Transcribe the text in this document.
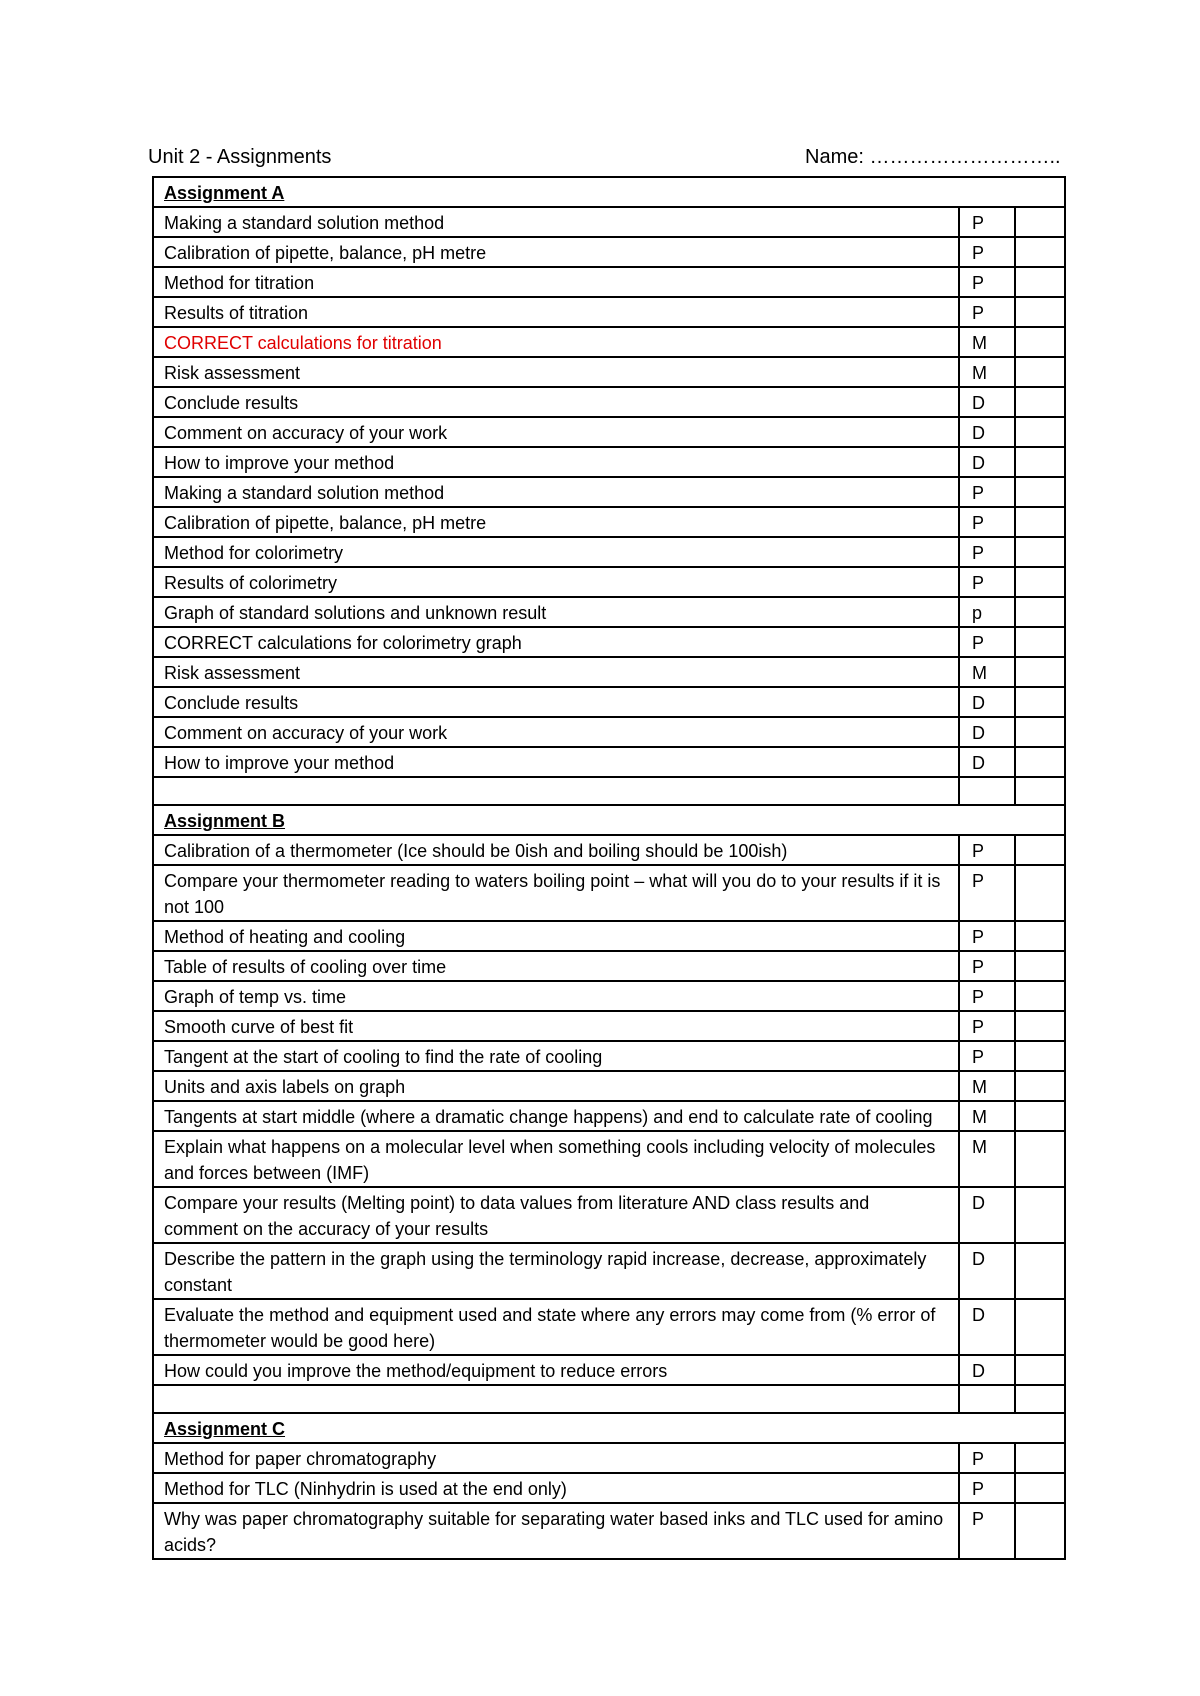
Unit 2 - Assignments	Name: ………………………..
Assignment A		
Making a standard solution method	P	
Calibration of pipette, balance, pH metre	P	
Method for titration	P	
Results of titration	P	
CORRECT calculations for titration	M	
Risk assessment	M	
Conclude results	D	
Comment on accuracy of your work	D	
How to improve your method	D	
Making a standard solution method	P	
Calibration of pipette, balance, pH metre	P	
Method for colorimetry	P	
Results of colorimetry	P	
Graph of standard solutions and unknown result	p	
CORRECT calculations for colorimetry graph	P	
Risk assessment	M	
Conclude results	D	
Comment on accuracy of your work	D	
How to improve your method	D	

Assignment B		
Calibration of a thermometer (Ice should be 0ish and boiling should be 100ish)	P	
Compare your thermometer reading to waters boiling point – what will you do to your results if it is not 100	P	
Method of heating and cooling	P	
Table of results of cooling over time	P	
Graph of temp vs. time	P	
Smooth curve of best fit	P	
Tangent at the start of cooling to find the rate of cooling	P	
Units and axis labels on graph	M	
Tangents at start middle (where a dramatic change happens) and end to calculate rate of cooling	M	
Explain what happens on a molecular level when something cools including velocity of molecules and forces between (IMF)	M	
Compare your results (Melting point) to data values from literature AND class results and comment on the accuracy of your results	D	
Describe the pattern in the graph using the terminology rapid increase, decrease, approximately constant	D	
Evaluate the method and equipment used and state where any errors may come from (% error of thermometer would be good here)	D	
How could you improve the method/equipment to reduce errors	D	

Assignment C		
Method for paper chromatography	P	
Method for TLC (Ninhydrin is used at the end only)	P	
Why was paper chromatography suitable for separating water based inks and TLC used for amino acids?	P	
